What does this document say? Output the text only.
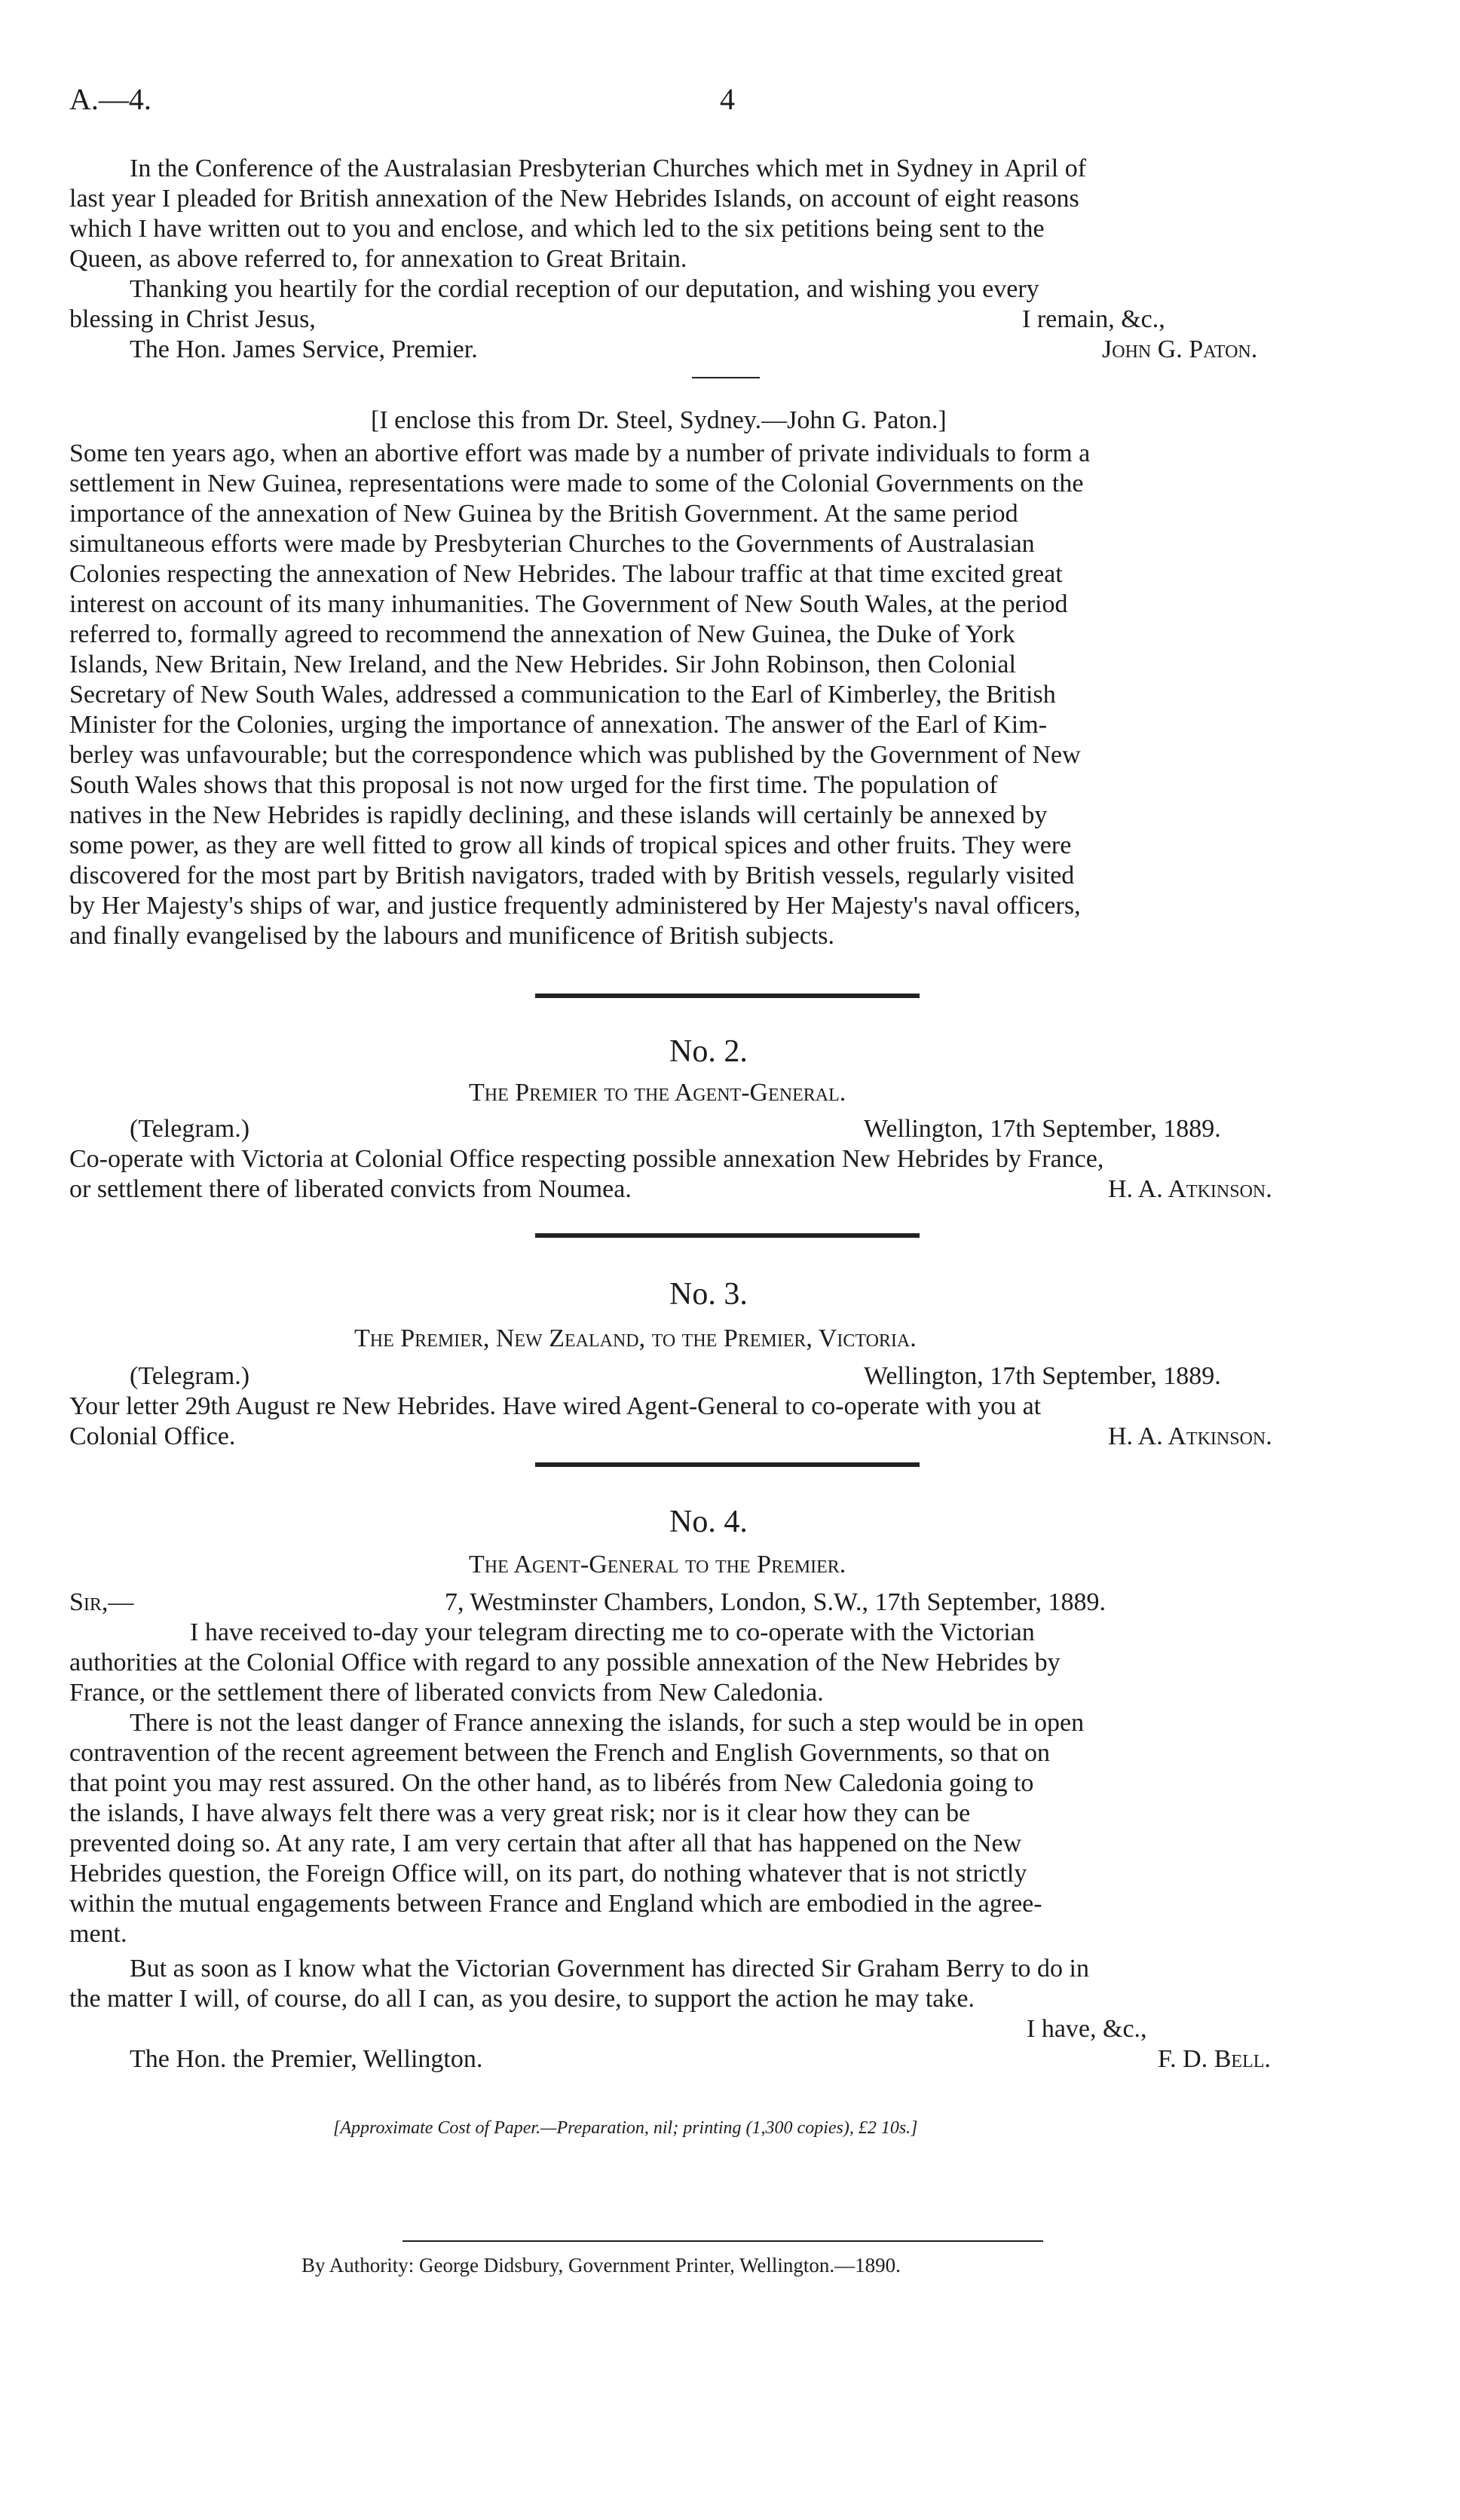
A.—4.	4
In the Conference of the Australasian Presbyterian Churches which met in Sydney in April of
last year I pleaded for British annexation of the New Hebrides Islands, on account of eight reasons
which I have written out to you and enclose, and which led to the six petitions being sent to the
Queen, as above referred to, for annexation to Great Britain.
Thanking you heartily for the cordial reception of our deputation, and wishing you every
blessing in Christ Jesus,	I remain, &c.,
The Hon. James Service, Premier.	John G. Paton.
[I enclose this from Dr. Steel, Sydney.—John G. Paton.]
Some ten years ago, when an abortive effort was made by a number of private individuals to form a
settlement in New Guinea, representations were made to some of the Colonial Governments on the
importance of the annexation of New Guinea by the British Government. At the same period
simultaneous efforts were made by Presbyterian Churches to the Governments of Australasian
Colonies respecting the annexation of New Hebrides. The labour traffic at that time excited great
interest on account of its many inhumanities. The Government of New South Wales, at the period
referred to, formally agreed to recommend the annexation of New Guinea, the Duke of York
Islands, New Britain, New Ireland, and the New Hebrides. Sir John Robinson, then Colonial
Secretary of New South Wales, addressed a communication to the Earl of Kimberley, the British
Minister for the Colonies, urging the importance of annexation. The answer of the Earl of Kim-
berley was unfavourable; but the correspondence which was published by the Government of New
South Wales shows that this proposal is not now urged for the first time. The population of
natives in the New Hebrides is rapidly declining, and these islands will certainly be annexed by
some power, as they are well fitted to grow all kinds of tropical spices and other fruits. They were
discovered for the most part by British navigators, traded with by British vessels, regularly visited
by Her Majesty's ships of war, and justice frequently administered by Her Majesty's naval officers,
and finally evangelised by the labours and munificence of British subjects.
No. 2.
The Premier to the Agent-General.
(Telegram.)	Wellington, 17th September, 1889.
Co-operate with Victoria at Colonial Office respecting possible annexation New Hebrides by France,
or settlement there of liberated convicts from Noumea.	H. A. Atkinson.
No. 3.
The Premier, New Zealand, to the Premier, Victoria.
(Telegram.)	Wellington, 17th September, 1889.
Your letter 29th August re New Hebrides. Have wired Agent-General to co-operate with you at
Colonial Office.	H. A. Atkinson.
No. 4.
The Agent-General to the Premier.
Sir,—	7, Westminster Chambers, London, S.W., 17th September, 1889.
I have received to-day your telegram directing me to co-operate with the Victorian
authorities at the Colonial Office with regard to any possible annexation of the New Hebrides by
France, or the settlement there of liberated convicts from New Caledonia.
There is not the least danger of France annexing the islands, for such a step would be in open
contravention of the recent agreement between the French and English Governments, so that on
that point you may rest assured. On the other hand, as to libérés from New Caledonia going to
the islands, I have always felt there was a very great risk; nor is it clear how they can be
prevented doing so. At any rate, I am very certain that after all that has happened on the New
Hebrides question, the Foreign Office will, on its part, do nothing whatever that is not strictly
within the mutual engagements between France and England which are embodied in the agree-
ment.
But as soon as I know what the Victorian Government has directed Sir Graham Berry to do in
the matter I will, of course, do all I can, as you desire, to support the action he may take.
I have, &c.,
The Hon. the Premier, Wellington.	F. D. Bell.
[Approximate Cost of Paper.—Preparation, nil; printing (1,300 copies), £2 10s.]
By Authority: George Didsbury, Government Printer, Wellington.—1890.
